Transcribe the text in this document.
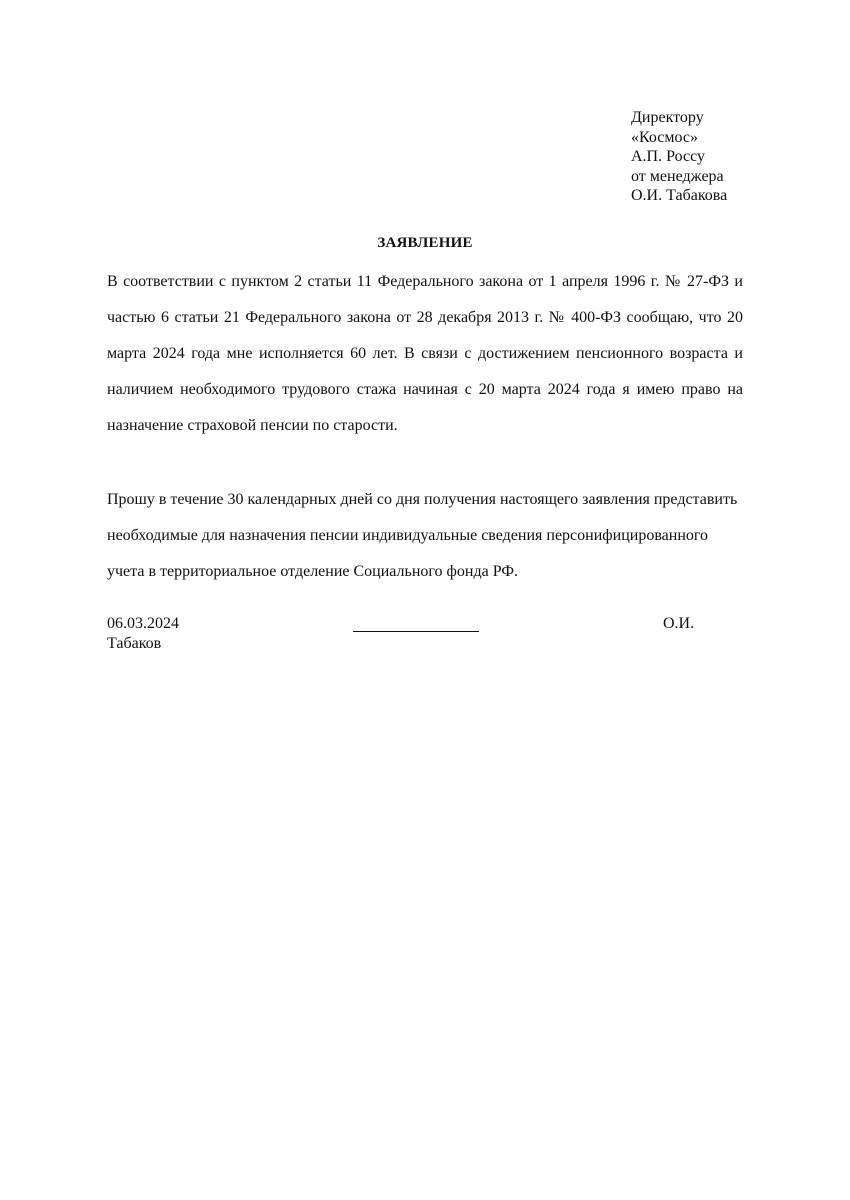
Директору
«Космос»
А.П. Россу
от менеджера
О.И. Табакова
ЗАЯВЛЕНИЕ
В соответствии с пунктом 2 статьи 11 Федерального закона от 1 апреля 1996 г. № 27-ФЗ и частью 6 статьи 21 Федерального закона от 28 декабря 2013 г. № 400-ФЗ сообщаю, что 20 марта 2024 года мне исполняется 60 лет. В связи с достижением пенсионного возраста и наличием необходимого трудового стажа начиная с 20 марта 2024 года я имею право на назначение страховой пенсии по старости.
Прошу в течение 30 календарных дней со дня получения настоящего заявления представить необходимые для назначения пенсии индивидуальные сведения персонифицированного учета в территориальное отделение Социального фонда РФ.
06.03.2024	О.И.
Табаков
